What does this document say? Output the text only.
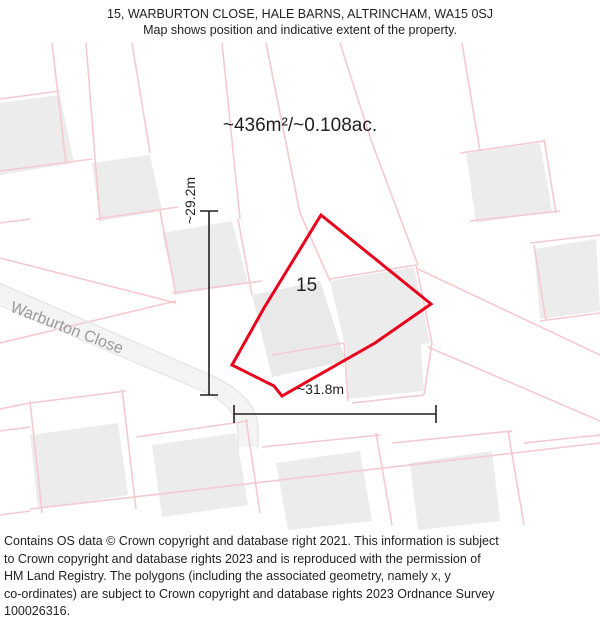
15, WARBURTON CLOSE, HALE BARNS, ALTRINCHAM, WA15 0SJ
Map shows position and indicative extent of the property.
Warburton Close
~436m²/~0.108ac.
15
~29.2m
~31.8m

Contains OS data © Crown copyright and database right 2021. This information is subject

to Crown copyright and database rights 2023 and is reproduced with the permission of

HM Land Registry. The polygons (including the associated geometry, namely x, y

co-ordinates) are subject to Crown copyright and database rights 2023 Ordnance Survey

100026316.
